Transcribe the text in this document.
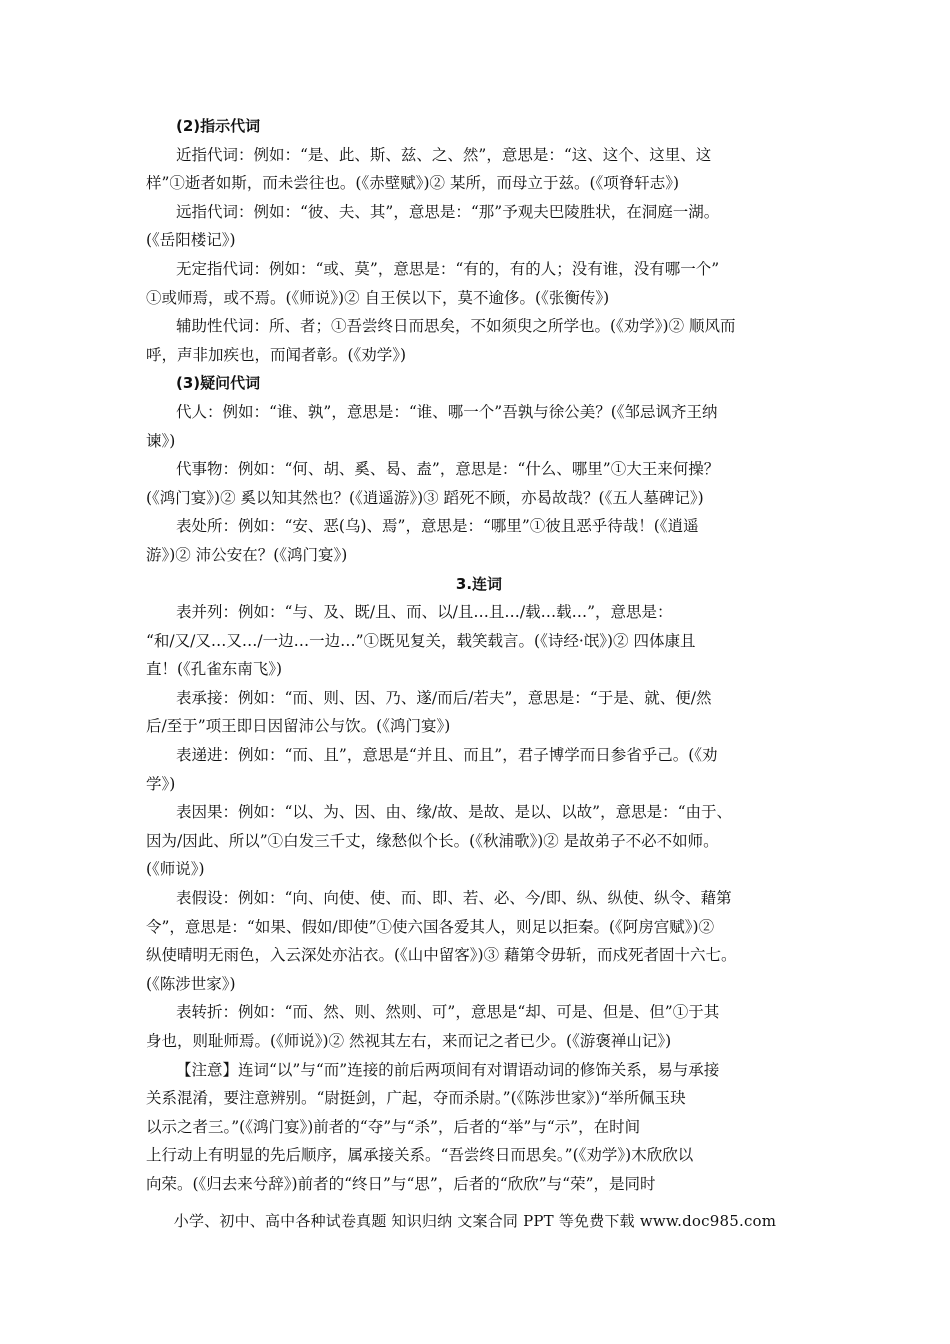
(2)指示代词
近指代词：例如：“是、此、斯、兹、之、然”，意思是：“这、这个、这里、这
样”①逝者如斯，而未尝往也。(《赤壁赋》)② 某所，而母立于兹。(《项脊轩志》)
远指代词：例如：“彼、夫、其”，意思是：“那”予观夫巴陵胜状，在洞庭一湖。
(《岳阳楼记》)
无定指代词：例如：“或、莫”，意思是：“有的，有的人；没有谁，没有哪一个”
①或师焉，或不焉。(《师说》)② 自王侯以下，莫不逾侈。(《张衡传》)
辅助性代词：所、者；①吾尝终日而思矣，不如须臾之所学也。(《劝学》)② 顺风而
呼，声非加疾也，而闻者彰。(《劝学》)
(3)疑问代词
代人：例如：“谁、孰”，意思是：“谁、哪一个”吾孰与徐公美？(《邹忌讽齐王纳
谏》)
代事物：例如：“何、胡、奚、曷、盍”，意思是：“什么、哪里”①大王来何操？
(《鸿门宴》)② 奚以知其然也？(《逍遥游》)③ 蹈死不顾，亦曷故哉？(《五人墓碑记》)
表处所：例如：“安、恶(乌)、焉”，意思是：“哪里”①彼且恶乎待哉！(《逍遥
游》)② 沛公安在？(《鸿门宴》)
3.连词
表并列：例如：“与、及、既/且、而、以/且…且…/载…载…”，意思是：
“和/又/又…又…/一边…一边…”①既见复关，载笑载言。(《诗经·氓》)② 四体康且
直！(《孔雀东南飞》)
表承接：例如：“而、则、因、乃、遂/而后/若夫”，意思是：“于是、就、便/然
后/至于”项王即日因留沛公与饮。(《鸿门宴》)
表递进：例如：“而、且”，意思是“并且、而且”，君子博学而日参省乎己。(《劝
学》)
表因果：例如：“以、为、因、由、缘/故、是故、是以、以故”，意思是：“由于、
因为/因此、所以”①白发三千丈，缘愁似个长。(《秋浦歌》)② 是故弟子不必不如师。
(《师说》)
表假设：例如：“向、向使、使、而、即、若、必、今/即、纵、纵使、纵令、藉第
令”，意思是：“如果、假如/即使”①使六国各爱其人，则足以拒秦。(《阿房宫赋》)②
纵使晴明无雨色，入云深处亦沾衣。(《山中留客》)③ 藉第令毋斩，而戍死者固十六七。
(《陈涉世家》)
表转折：例如：“而、然、则、然则、可”，意思是“却、可是、但是、但”①于其
身也，则耻师焉。(《师说》)② 然视其左右，来而记之者已少。(《游褒禅山记》)
【注意】连词“以”与“而”连接的前后两项间有对谓语动词的修饰关系，易与承接
关系混淆，要注意辨别。“尉挺剑，广起，夺而杀尉。”(《陈涉世家》)“举所佩玉玦
以示之者三。”(《鸿门宴》)前者的“夺”与“杀”，后者的“举”与“示”，在时间
上行动上有明显的先后顺序，属承接关系。“吾尝终日而思矣。”(《劝学》)木欣欣以
向荣。(《归去来兮辞》)前者的“终日”与“思”，后者的“欣欣”与“荣”，是同时
小学、初中、高中各种试卷真题 知识归纳 文案合同 PPT 等免费下载 www.doc985.com
